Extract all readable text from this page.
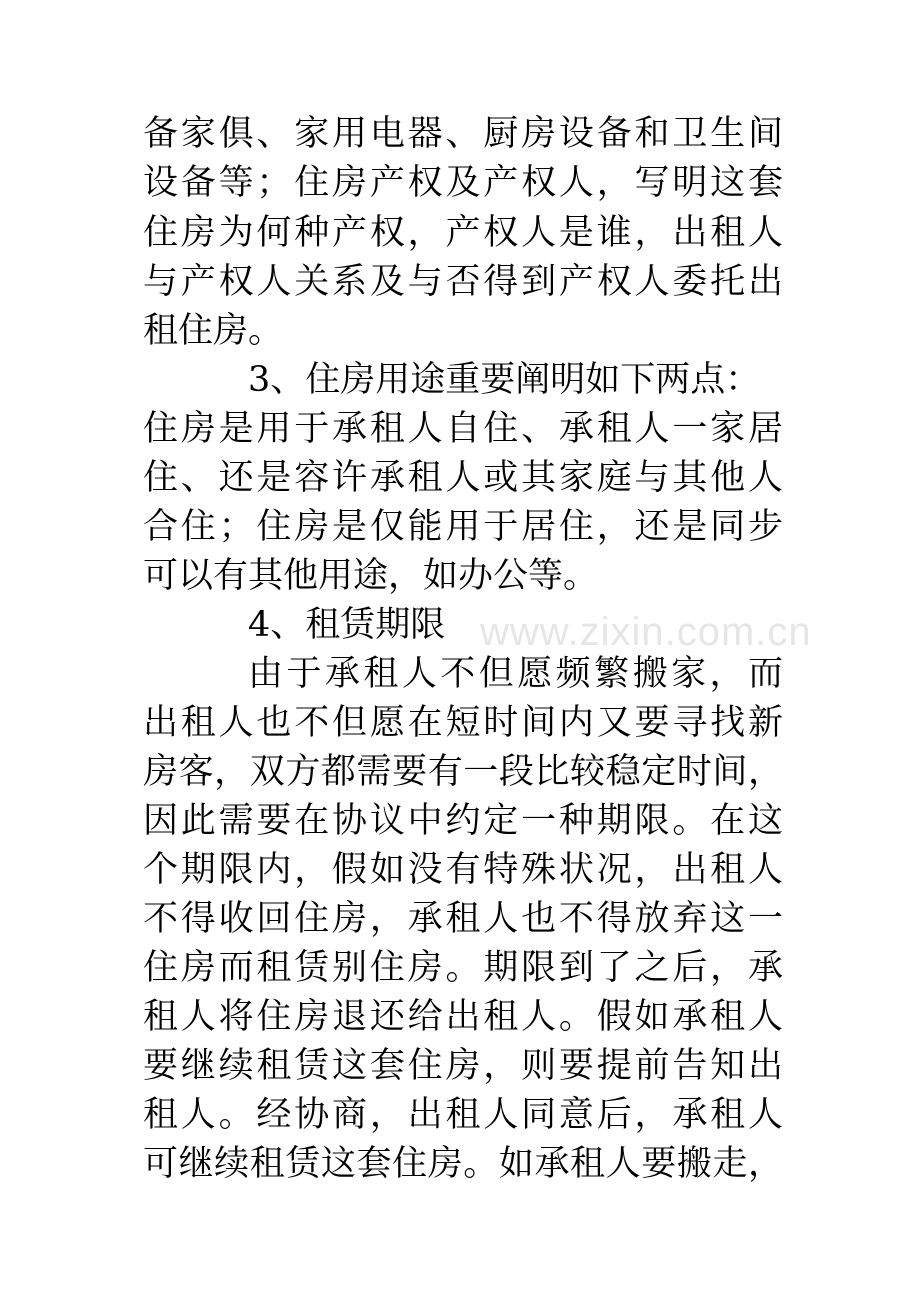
www.zixin.com.cn
备家俱、家用电器、厨房设备和卫生间
设备等；住房产权及产权人，写明这套
住房为何种产权，产权人是谁，出租人
与产权人关系及与否得到产权人委托出
租住房。
3、住房用途重要阐明如下两点：
住房是用于承租人自住、承租人一家居
住、还是容许承租人或其家庭与其他人
合住；住房是仅能用于居住，还是同步
可以有其他用途，如办公等。
4、租赁期限
由于承租人不但愿频繁搬家，而
出租人也不但愿在短时间内又要寻找新
房客，双方都需要有一段比较稳定时间，
因此需要在协议中约定一种期限。在这
个期限内，假如没有特殊状况，出租人
不得收回住房，承租人也不得放弃这一
住房而租赁别住房。期限到了之后，承
租人将住房退还给出租人。假如承租人
要继续租赁这套住房，则要提前告知出
租人。经协商，出租人同意后，承租人
可继续租赁这套住房。如承租人要搬走，
